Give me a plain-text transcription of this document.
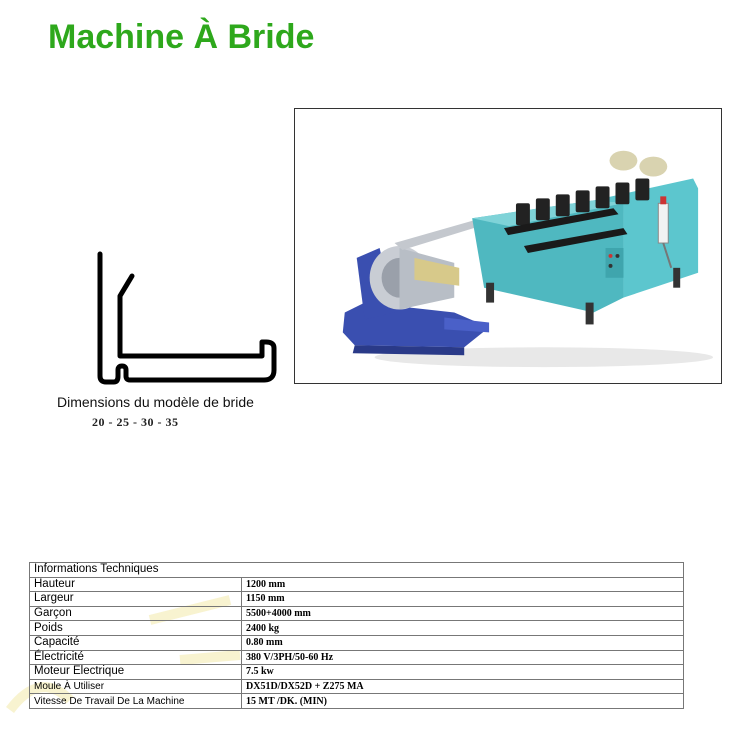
Machine À Bride
Dimensions du modèle de bride
20 - 25 - 30 - 35
Informations Techniques	
Hauteur	1200 mm
Largeur	1150 mm
Garçon	5500+4000 mm
Poids	2400 kg
Capacité	0.80 mm
Électricité	380 V/3PH/50-60 Hz
Moteur Electrique	7.5 kw
Moule À Utiliser	DX51D/DX52D + Z275 MA
Vitesse De Travail De La Machine	15 MT /DK. (MIN)
